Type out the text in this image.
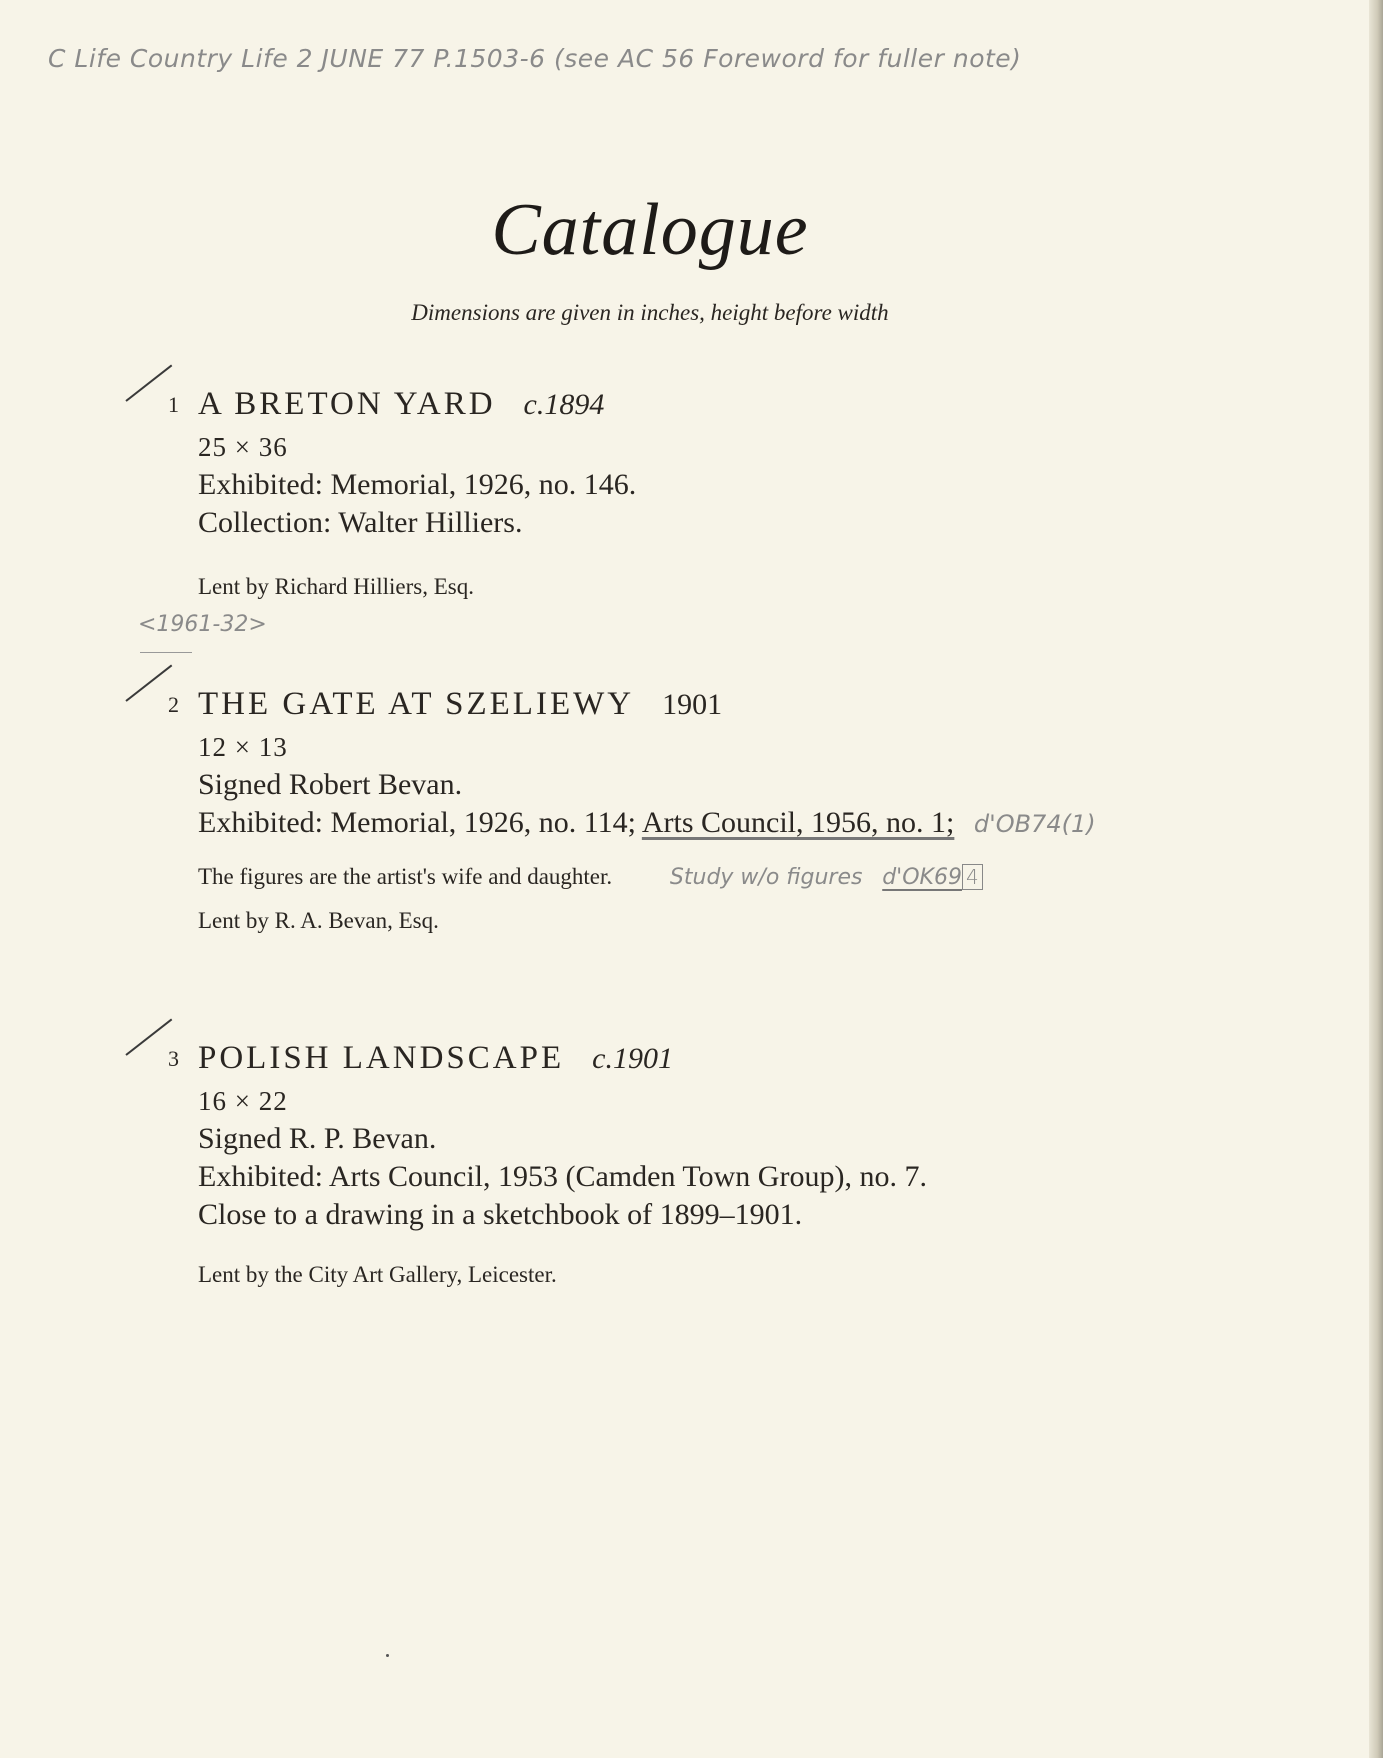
C Life Country Life 2 JUNE 77 P.1503-6 (see AC 56 Foreword for fuller note)
Catalogue
Dimensions are given in inches, height before width
1 A BRETON YARD c.1894
25 × 36
Exhibited: Memorial, 1926, no. 146.
Collection: Walter Hilliers.
Lent by Richard Hilliers, Esq.
<1961-32>
2 THE GATE AT SZELIEWY 1901
12 × 13
Signed Robert Bevan.
Exhibited: Memorial, 1926, no. 114; Arts Council, 1956, no. 1; d'OB74(1)
The figures are the artist's wife and daughter.	Study w/o figures d'OK69 4
Lent by R. A. Bevan, Esq.
3 POLISH LANDSCAPE c.1901
16 × 22
Signed R. P. Bevan.
Exhibited: Arts Council, 1953 (Camden Town Group), no. 7.
Close to a drawing in a sketchbook of 1899–1901.
Lent by the City Art Gallery, Leicester.
